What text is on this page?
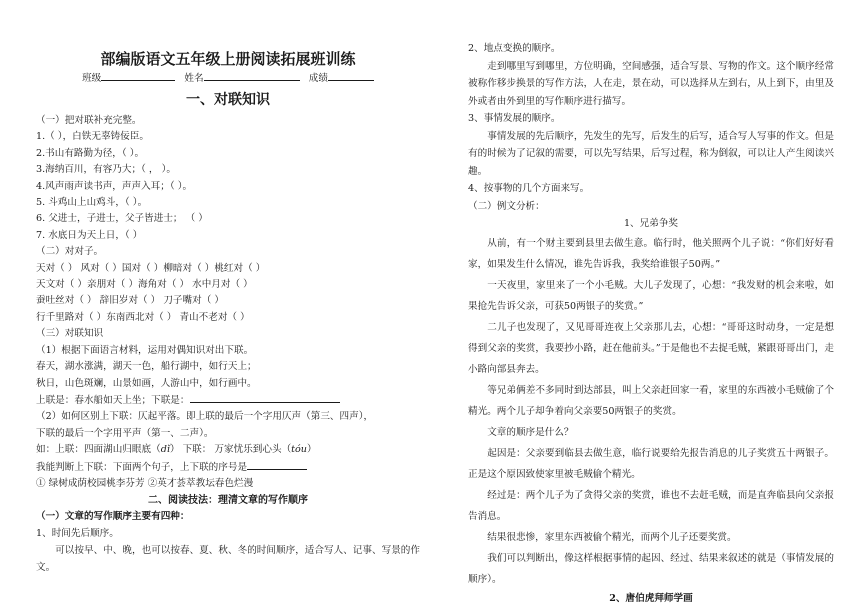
部编版语文五年级上册阅读拓展班训练
班级	姓名	成绩
一、对联知识
（一）把对联补充完整。
1.（ ），白铁无辜铸佞臣。
2.书山有路勤为径，（ ）。
3.海纳百川，有容乃大；（ ， ）。
4.风声雨声读书声，声声入耳；（ ）。
5. 斗鸡山上山鸡斗，（ ）。
6. 父进士，子进士，父子皆进士； （ ）
7. 水底日为天上日，（ ）
（二）对对子。
天对（ ） 风对（ ）国对（ ）柳暗对（ ）桃红对（ ）
天文对（ ）亲朋对（ ）海角对（ ） 水中月对（ ）
蚕吐丝对（ ） 辞旧岁对（ ） 刀子嘴对（ ）
行千里路对（ ）东南西北对（ ） 青山不老对（ ）
（三）对联知识
（1）根据下面语言材料，运用对偶知识对出下联。
春天，湖水涨满，湖天一色，船行湖中，如行天上；
秋日，山色斑斓，山景如画，人游山中，如行画中。
上联是：春水船如天上坐；下联是：
（2）如何区别上下联：仄起平落。即上联的最后一个字用仄声（第三、四声），
下联的最后一个字用平声（第一、二声）。
如：上联：四面湖山归眼底（dǐ） 下联： 万家忧乐到心头（tóu）
我能判断上下联：下面两个句子，上下联的序号是
① 绿树成荫校园桃李芬芳 ②英才荟萃教坛春色烂漫
二、阅读技法：理清文章的写作顺序
（一）文章的写作顺序主要有四种：
1、时间先后顺序。
可以按早、中、晚，也可以按春、夏、秋、冬的时间顺序，适合写人、记事、写景的作文。
2、地点变换的顺序。
走到哪里写到哪里，方位明确，空间感强，适合写景、写物的作文。这个顺序经常被称作移步换景的写作方法，人在走，景在动，可以选择从左到右，从上到下，由里及外或者由外到里的写作顺序进行描写。
3、事情发展的顺序。
事情发展的先后顺序，先发生的先写，后发生的后写，适合写人写事的作文。但是有的时候为了记叙的需要，可以先写结果，后写过程，称为倒叙，可以让人产生阅读兴趣。
4、按事物的几个方面来写。
（二）例文分析：
1、兄弟争奖
从前，有一个财主要到县里去做生意。临行时，他关照两个儿子说：“你们好好看家，如果发生什么情况，谁先告诉我，我奖给谁银子50两。”
一天夜里，家里来了一个小毛贼。大儿子发现了，心想：“我发财的机会来啦，如果抢先告诉父亲，可获50两银子的奖赏。”
二儿子也发现了，又见哥哥连夜上父亲那儿去，心想：“哥哥这时动身，一定是想得到父亲的奖赏，我要抄小路，赶在他前头。”于是他也不去捉毛贼，紧跟哥哥出门，走小路向部县奔去。
等兄弟俩差不多同时到达部县，叫上父亲赶回家一看，家里的东西被小毛贼偷了个精光。两个儿子却争着向父亲要50两银子的奖赏。
文章的顺序是什么？
起因是：父亲要到临县去做生意，临行说要给先报告消息的儿子奖赏五十两银子。正是这个原因致使家里被毛贼偷个精光。
经过是：两个儿子为了贪得父亲的奖赏，谁也不去赶毛贼，而是直奔临县向父亲报告消息。
结果很悲惨，家里东西被偷个精光，而两个儿子还要奖赏。
我们可以判断出，像这样根据事情的起因、经过、结果来叙述的就是（事情发展的顺序）。
2、唐伯虎拜师学画
